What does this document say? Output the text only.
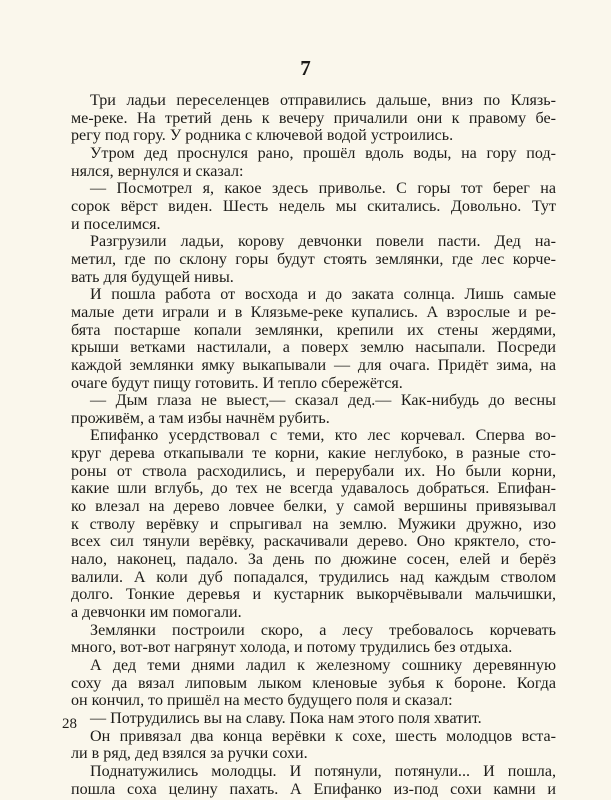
7
Три ладьи переселенцев отправились дальше, вниз по Клязь-
ме-реке. На третий день к вечеру причалили они к правому бе-
регу под гору. У родника с ключевой водой устроились.
Утром дед проснулся рано, прошёл вдоль воды, на гору под-
нялся, вернулся и сказал:
— Посмотрел я, какое здесь приволье. С горы тот берег на
сорок вёрст виден. Шесть недель мы скитались. Довольно. Тут
и поселимся.
Разгрузили ладьи, корову девчонки повели пасти. Дед на-
метил, где по склону горы будут стоять землянки, где лес корче-
вать для будущей нивы.
И пошла работа от восхода и до заката солнца. Лишь самые
малые дети играли и в Клязьме-реке купались. А взрослые и ре-
бята постарше копали землянки, крепили их стены жердями,
крыши ветками настилали, а поверх землю насыпали. Посреди
каждой землянки ямку выкапывали — для очага. Придёт зима, на
очаге будут пищу готовить. И тепло сбережётся.
— Дым глаза не выест,— сказал дед.— Как-нибудь до весны
проживём, а там избы начнём рубить.
Епифанко усердствовал с теми, кто лес корчевал. Сперва во-
круг дерева откапывали те корни, какие неглубоко, в разные сто-
роны от ствола расходились, и перерубали их. Но были корни,
какие шли вглубь, до тех не всегда удавалось добраться. Епифан-
ко влезал на дерево ловчее белки, у самой вершины привязывал
к стволу верёвку и спрыгивал на землю. Мужики дружно, изо
всех сил тянули верёвку, раскачивали дерево. Оно кряктело, сто-
нало, наконец, падало. За день по дюжине сосен, елей и берёз
валили. А коли дуб попадался, трудились над каждым стволом
долго. Тонкие деревья и кустарник выкорчёвывали мальчишки,
а девчонки им помогали.
Землянки построили скоро, а лесу требовалось корчевать
много, вот-вот нагрянут холода, и потому трудились без отдыха.
А дед теми днями ладил к железному сошнику деревянную
соху да вязал липовым лыком кленовые зубья к бороне. Когда
он кончил, то пришёл на место будущего поля и сказал:
— Потрудились вы на славу. Пока нам этого поля хватит.
Он привязал два конца верёвки к сохе, шесть молодцов вста-
ли в ряд, дед взялся за ручки сохи.
Поднатужились молодцы. И потянули, потянули... И пошла,
пошла соха целину пахать. А Епифанко из-под сохи камни и
28
